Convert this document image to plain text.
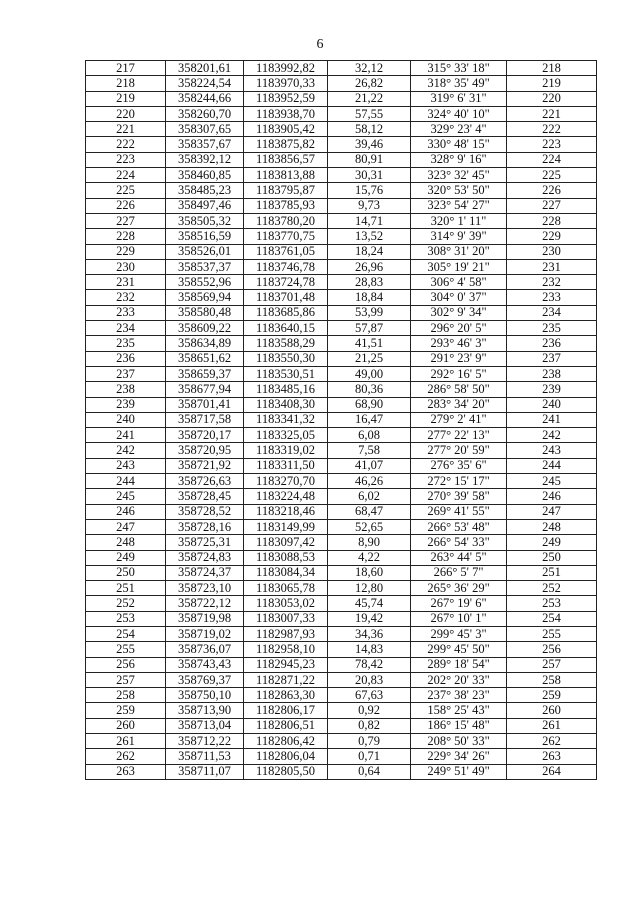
6
217	358201,61	1183992,82	32,12	315° 33' 18"	218
218	358224,54	1183970,33	26,82	318° 35' 49"	219
219	358244,66	1183952,59	21,22	319° 6' 31"	220
220	358260,70	1183938,70	57,55	324° 40' 10"	221
221	358307,65	1183905,42	58,12	329° 23' 4"	222
222	358357,67	1183875,82	39,46	330° 48' 15"	223
223	358392,12	1183856,57	80,91	328° 9' 16"	224
224	358460,85	1183813,88	30,31	323° 32' 45"	225
225	358485,23	1183795,87	15,76	320° 53' 50"	226
226	358497,46	1183785,93	9,73	323° 54' 27"	227
227	358505,32	1183780,20	14,71	320° 1' 11"	228
228	358516,59	1183770,75	13,52	314° 9' 39"	229
229	358526,01	1183761,05	18,24	308° 31' 20"	230
230	358537,37	1183746,78	26,96	305° 19' 21"	231
231	358552,96	1183724,78	28,83	306° 4' 58"	232
232	358569,94	1183701,48	18,84	304° 0' 37"	233
233	358580,48	1183685,86	53,99	302° 9' 34"	234
234	358609,22	1183640,15	57,87	296° 20' 5"	235
235	358634,89	1183588,29	41,51	293° 46' 3"	236
236	358651,62	1183550,30	21,25	291° 23' 9"	237
237	358659,37	1183530,51	49,00	292° 16' 5"	238
238	358677,94	1183485,16	80,36	286° 58' 50"	239
239	358701,41	1183408,30	68,90	283° 34' 20"	240
240	358717,58	1183341,32	16,47	279° 2' 41"	241
241	358720,17	1183325,05	6,08	277° 22' 13"	242
242	358720,95	1183319,02	7,58	277° 20' 59"	243
243	358721,92	1183311,50	41,07	276° 35' 6"	244
244	358726,63	1183270,70	46,26	272° 15' 17"	245
245	358728,45	1183224,48	6,02	270° 39' 58"	246
246	358728,52	1183218,46	68,47	269° 41' 55"	247
247	358728,16	1183149,99	52,65	266° 53' 48"	248
248	358725,31	1183097,42	8,90	266° 54' 33"	249
249	358724,83	1183088,53	4,22	263° 44' 5"	250
250	358724,37	1183084,34	18,60	266° 5' 7"	251
251	358723,10	1183065,78	12,80	265° 36' 29"	252
252	358722,12	1183053,02	45,74	267° 19' 6"	253
253	358719,98	1183007,33	19,42	267° 10' 1"	254
254	358719,02	1182987,93	34,36	299° 45' 3"	255
255	358736,07	1182958,10	14,83	299° 45' 50"	256
256	358743,43	1182945,23	78,42	289° 18' 54"	257
257	358769,37	1182871,22	20,83	202° 20' 33"	258
258	358750,10	1182863,30	67,63	237° 38' 23"	259
259	358713,90	1182806,17	0,92	158° 25' 43"	260
260	358713,04	1182806,51	0,82	186° 15' 48"	261
261	358712,22	1182806,42	0,79	208° 50' 33"	262
262	358711,53	1182806,04	0,71	229° 34' 26"	263
263	358711,07	1182805,50	0,64	249° 51' 49"	264
